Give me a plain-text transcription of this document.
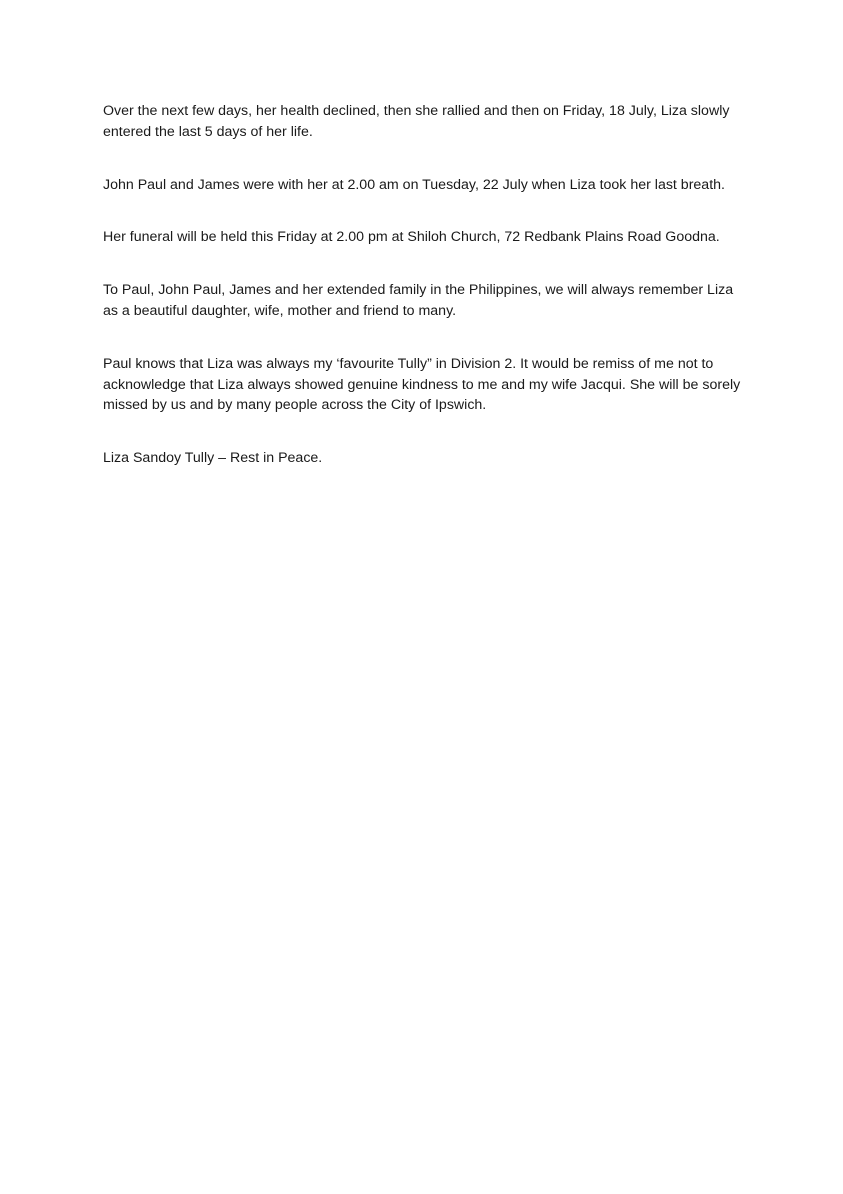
Over the next few days, her health declined, then she rallied and then on Friday, 18 July, Liza slowly entered the last 5 days of her life.

John Paul and James were with her at 2.00 am on Tuesday, 22 July when Liza took her last breath.

Her funeral will be held this Friday at 2.00 pm at Shiloh Church, 72 Redbank Plains Road Goodna.

To Paul, John Paul, James and her extended family in the Philippines, we will always remember Liza as a beautiful daughter, wife, mother and friend to many.

Paul knows that Liza was always my ‘favourite Tully” in Division 2. It would be remiss of me not to acknowledge that Liza always showed genuine kindness to me and my wife Jacqui. She will be sorely missed by us and by many people across the City of Ipswich.

Liza Sandoy Tully – Rest in Peace.
